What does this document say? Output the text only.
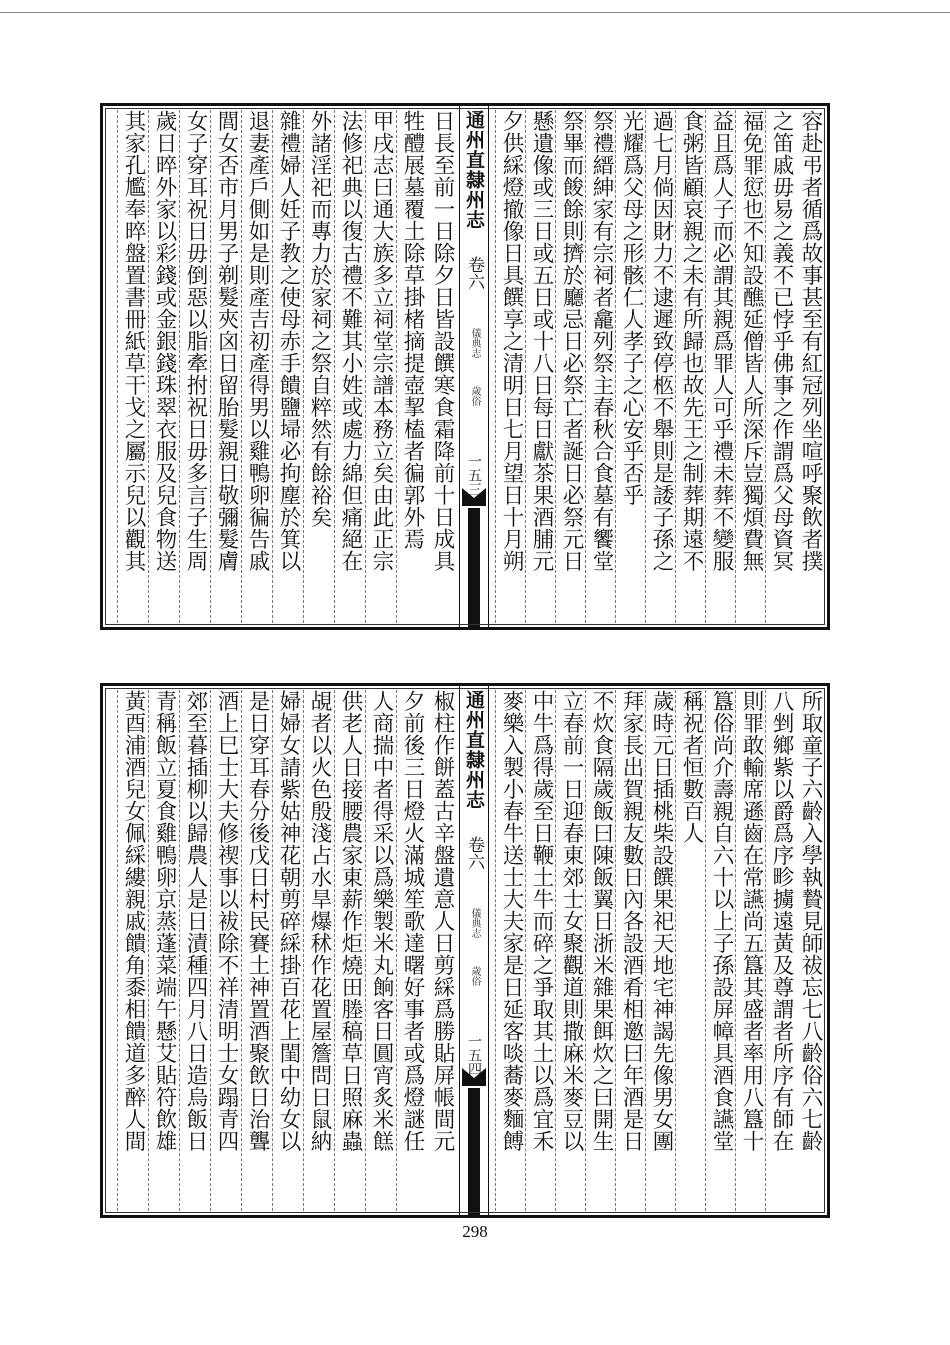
容赴弔者循爲故事甚至有紅冠列坐喧呼聚飲者撲
之笛戚毋易之義不已悖乎佛事之作謂爲父母資冥
福免罪愆也不知設醮延僧皆人所深斥豈獨煩費無
益且爲人子而必謂其親爲罪人可乎禮未葬不變服
食粥皆顧哀親之未有所歸也故先王之制葬期遠不
過七月倘因財力不逮遲致停柩不舉則是諉子孫之
光耀爲父母之形骸仁人孝子之心安乎否乎
祭禮縉紳家有宗祠者龕列祭主春秋合食墓有饗堂
祭畢而餕餘則擠於廳忌日必祭亡者誕日必祭元日
懸遺像或三日或五日或十八日每日獻茶果酒脯元
夕供綵燈撤像日具饌享之清明日七月望日十月朔
通州直隸州志
卷六
儀典志
歲俗
一五三
日長至前一日除夕日皆設饌寒食霜降前十日成具
牲醴展墓覆土除草掛楮摘提壺挈榼者徧郭外焉
甲戌志曰通大族多立祠堂宗譜本務立矣由此正宗
法修祀典以復古禮不難其小姓或處力綿但痛絕在
外諸淫祀而專力於家祠之祭自粹然有餘裕矣
雜禮婦人妊子教之使母赤手饋鹽埽必拘塵於箕以
退妻產戶側如是則產吉初產得男以雞鴨卵徧告戚
閭女否市月男子剃髮夾囟日留胎髮親日敬彌髮膚
女子穿耳祝日毋倒惡以脂牽拊祝日毋多言子生周
歲日晬外家以彩錢或金銀錢珠翠衣服及兒食物送
其家孔尷奉晬盤置書冊紙草干戈之屬示兒以觀其
所取童子六齡入學執贄見師祓忘七八齡俗六七齡
八剉鄉紫以爵爲序畛擄遠黃及尊謂者所序有師在
則罪敢輸席遜齒在常讌尚五簋其盛者率用八簋十
簋俗尚介壽親自六十以上子孫設屏幛具酒食讌堂
稱祝者恒數百人
歲時元日插桃柴設饌果祀天地宅神謁先像男女團
拜家長出賀親友數日內各設酒肴相邀曰年酒是日
不炊食隔歲飯曰陳飯翼日浙米雜果餌炊之曰開生
立春前一日迎春東郊士女聚觀道則撒麻米麥豆以
中牛爲得歲至日鞭土牛而碎之爭取其土以爲宜禾
麥樂入製小春牛送士大夫家是日延客啖蕎麥麵餺
通州直隸州志
卷六
儀典志
歲俗
一五四
椒柱作餅蓋古辛盤遺意人日剪綵爲勝貼屏帳間元
夕前後三日燈火滿城笙歌達曙好事者或爲燈謎任
人商揣中者得采以爲樂製米丸餉客日圓宵炙米餻
供老人日接腰農家東薪作炬燒田塍稿草日照麻蟲
覘者以火色殷淺占水旱爆秫作花置屋簷問日鼠納
婦婦女請紫姑神花朝剪碎綵掛百花上閨中幼女以
是日穿耳春分後戊日村民賽土神置酒聚飲日治聾
酒上巳士大夫修禊事以袚除不祥清明士女蹋青四
郊至暮插柳以歸農人是日漬種四月八日造烏飯日
青稱飯立夏食雞鴨卵京蒸蓬菜端午懸艾貼符飲雄
黃酉浦酒兒女佩綵縷親戚饋角黍相饋道多醉人間
298
